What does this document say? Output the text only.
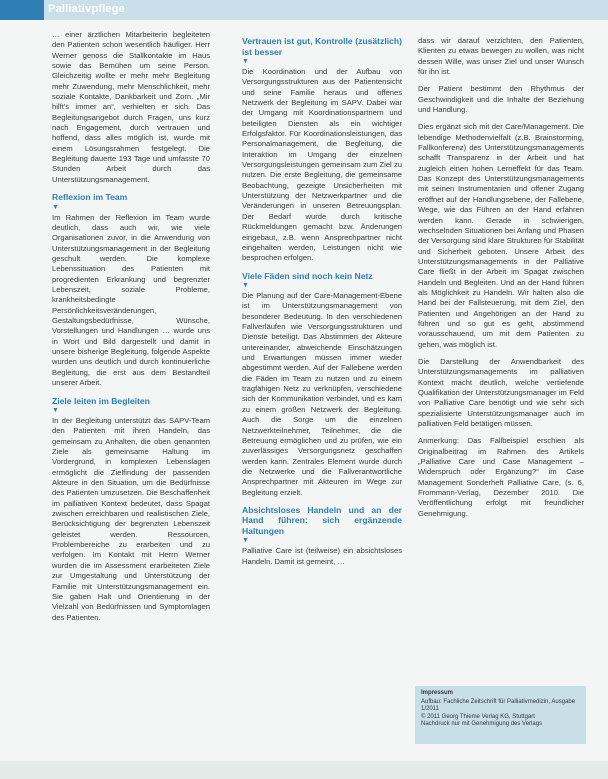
Palliativpflege

… einer ärztlichen Mitarbeiterin begleiteten den Patienten schon wesentlich häufiger. Herr Werner genoss die Stallkontakte im Haus sowie das Bemühen um seine Person. Gleichzeitig wollte er mehr mehr Begleitung mehr Zuwendung, mehr Menschlichkeit, mehr soziale Kontakte, Dankbarkeit und Zorn. „Mir hilft's immer an“, verhielten er sich. Das Begleitungsangebot durch Fragen, uns kurz nach Engagement, durch vertrauen und hoffend, dass alles möglich ist, wurde mit einem Lösungsrahmen festgelegt. Die Begleitung dauerte 193 Tage und umfasste 70 Stunden Arbeit durch das Unterstützungsmanagement.

Reflexion im Team
▼

Im Rahmen der Reflexion im Team wurde deutlich, dass auch wir, wie viele Organisationen zuvor, in die Anwendung von Unterstützungsmanagement in der Begleitung geschult werden. Die komplexe Lebenssituation des Patienten mit progredienten Erkrankung und begrenzter Lebenszeit, soziale Probleme, krankheitsbedingte Persönlichkeitsveränderungen, Gestaltungsbedürfnisse, Wünsche, Vorstellungen und Handlungen … wurde uns in Wort und Bild dargestellt und damit in unsere bisherige Begleitung, folgende Aspekte wurden uns deutlich und durch kontinuierliche Begleitung, die erst aus dem Bestandteil unserer Arbeit.

Ziele leiten im Begleiten
▼

In der Begleitung unterstützt das SAPV-Team den Patienten mit ihren Handeln, das gemeinsam zu Anhalten, die oben genannten Ziele als gemeinsame Haltung im Vordergrund, in komplexen Lebenslagen ermöglicht die Zielfindung der passenden Akteure in den Situation, um die Bedürfnisse des Patienten umzusetzen. Die Beschaffenheit im palliativen Kontext bedeutet, dass Spagat zwischen erreichbaren und realistischen Ziele, Berücksichtigung der begrenzten Lebenszeit geleistet werden. Ressourcen, Problembereiche zu erarbeiten und zu verfolgen. Im Kontakt mit Herrn Werner wurden die im Assessment erarbeiteten Ziele zur Umgestaltung und Unterstützung der Familie mit Unterstützungsmanagement ein. Sie gaben Halt und Orientierung in der Vielzahl von Bedürfnissen und Symptomlagen des Patienten.

Vertrauen ist gut, Kontrolle (zusätzlich) ist besser
▼

Die Koordination und der Aufbau von Versorgungsstrukturen aus der Patientensicht und seine Familie heraus und offenes Netzwerk der Begleitung im SAPV. Dabei war der Umgang mit Koordinationspartnern und beteiligten Diensten als ein wichtiger Erfolgsfaktor. Für Koordinationsleistungen, das Personalmanagement, die Begleitung, die Interaktion im Umgang der einzelnen Versorgungsleistungen gemeinsam zum Ziel zu nutzen. Die erste Begleitung, die gemeinsame Beobachtung, gezeigte Unsicherheiten mit Unterstützung der Netzwerkpartner und die Veränderungen in unseren Betreuungsplan. Der Bedarf wurde durch kritische Rückmeldungen gemacht bzw. Änderungen eingebaut, z.B. wenn Ansprechpartner nicht eingehalten werden, Leistungen nicht wie besprochen erfolgen.

Viele Fäden sind noch kein Netz
▼

Die Planung auf der Care-Management-Ebene ist im Unterstützungsmanagement von besonderer Bedeutung. In den verschiedenen Fallverläufen wie Versorgungsstrukturen und Dienste beteiligt. Das Abstimmen der Akteure untereinander, abweichende Einschätzungen und Erwartungen müssen immer wieder abgestimmt werden. Auf der Fallebene werden die Fäden im Team zu nutzen und zu einem tragfähigen Netz zu verknüpfen, verschiedene sich der Kommunikation verbindet, und es kam zu einem großen Netzwerk der Begleitung. Auch die Sorge um die einzelnen Netzwerkteilnehmer, Teilnehmer, die die Betreuung ermöglichen und zu prüfen, wie ein zuverlässiges Versorgungsnetz geschaffen werden kann. Zentrales Element wurde durch die Netzwerke und die Fallverantwortliche Ansprechpartner mit Akteuren im Wege zur Begleitung erzielt.

Absichtsloses Handeln und an der Hand führen: sich ergänzende Haltungen
▼

Palliative Care ist (teilweise) ein absichtsloses Handeln. Damit ist gemeint, …

dass wir darauf verzichten, den Patienten, Klienten zu etwas bewegen zu wollen, was nicht dessen Wille, was unser Ziel und unser Wunsch für ihn ist.

Der Patient bestimmt den Rhythmus der Geschwindigkeit und die Inhalte der Beziehung und Handlung.

Dies ergänzt sich mit der Care/Management. Die lebendige Methodenvielfalt (z.B. Brainstorming, Fallkonferenz) des Unterstützungsmanagements schafft Transparenz in der Arbeit und hat zugleich einen hohen Lerneffekt für das Team. Das Konzept des Unterstützungsmanagements mit seinen Instrumentarien und offener Zugang eröffnet auf der Handlungsebene, der Fallebene, Wege, wie das Führen an der Hand erfahren werden kann. Gerade in schwierigen, wechselnden Situationen bei Anfang und Phasen der Versorgung sind klare Strukturen für Stabilität und Sicherheit geboten. Unsere Arbeit des Unterstützungsmanagements in der Palliative Care fließt in der Arbeit im Spagat zwischen Handeln und Begleiten. Und an der Hand führen als Möglichkeit zu Handeln. Wir halten also die Hand bei der Fallsteuerung, mit dem Ziel, den Patienten und Angehörigen an der Hand zu führen und so gut es geht, abstimmend vorausschauend, um mit dem Patienten zu gehen, was möglich ist.

Die Darstellung der Anwendbarkeit des Unterstützungsmanagements im palliativen Kontext macht deutlich, welche vertiefende Qualifikation der Unterstützungsmanager im Feld von Palliative Care benötigt und wie sehr sich spezialisierte Unterstützungsmanager auch im palliativen Feld betätigen müssen.

Anmerkung: Das Fallbeispiel erschien als Originalbeitrag im Rahmen des Artikels „Palliative Care und Case Management – Widerspruch oder Ergänzung?“ im Case Management Sonderheft Palliative Care, (s. 6, Frommann-Verlag, Dezember 2010. Die Veröffentlichung erfolgt mit freundlicher Genehmigung.

Impressum
Aufbau: Fachliche Zeitschrift für Palliativmedizin, Ausgabe 1/2011
© 2011 Georg Thieme Verlag KG, Stuttgart
Nachdruck nur mit Genehmigung des Verlags
